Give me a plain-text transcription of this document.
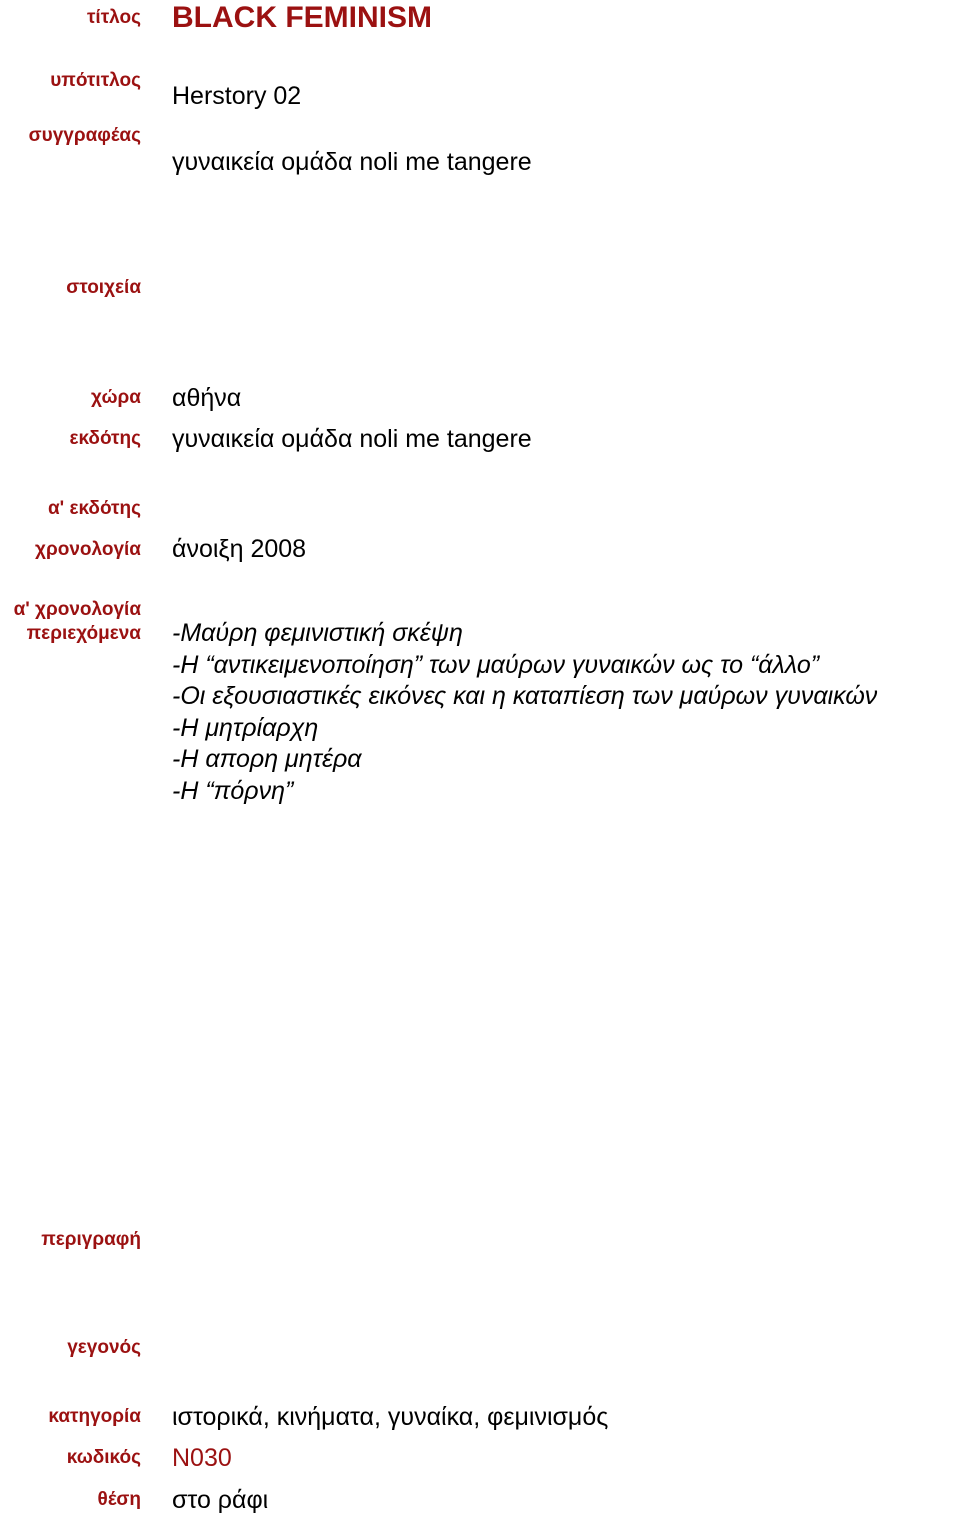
τίτλος BLACK FEMINISM
υπότιτλος
Herstory 02
συγγραφέας
γυναικεία ομάδα noli me tangere
στοιχεία
χώρα αθήνα
εκδότης γυναικεία ομάδα noli me tangere
α' εκδότης
χρονολογία άνοιξη 2008
α' χρονολογία
περιεχόμενα -Μαύρη φεμινιστική σκέψη
-Η “αντικειμενοποίηση” των μαύρων γυναικών ως το “άλλο”
-Οι εξουσιαστικές εικόνες και η καταπίεση των μαύρων γυναικών
-Η μητρίαρχη
-Η απορη μητέρα
-Η “πόρνη”
περιγραφή
γεγονός
κατηγορία ιστορικά, κινήματα, γυναίκα, φεμινισμός
κωδικός N030
θέση στο ράφι
